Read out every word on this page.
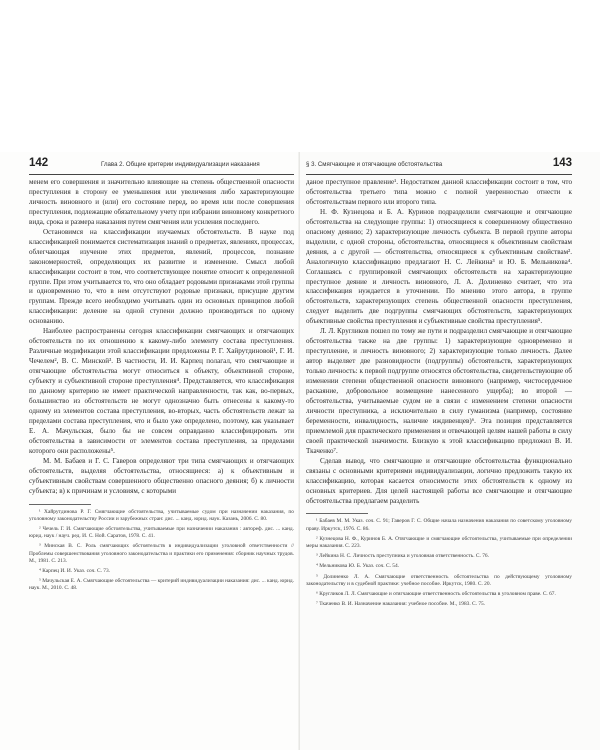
142	Глава 2. Общие критерии индивидуализации наказания

менем его совершения и значительно влияющие на степень общественной опасности преступления в сторону ее уменьшения или увеличения либо характеризующие личность виновного и (или) его состояние перед, во время или после совершения преступления, подлежащие обязательному учету при избрании виновному конкретного вида, срока и размера наказания путем смягчения или усиления последнего.

Остановимся на классификации изучаемых обстоятельств. В науке под классификацией понимается систематизация знаний о предметах, явлениях, процессах, облегчающая изучение этих предметов, явлений, процессов, познание закономерностей, определяющих их развитие и изменение. Смысл любой классификации состоит в том, что соответствующее понятие относит к определенной группе. При этом учитывается то, что оно обладает родовыми признаками этой группы и одновременно то, что в нем отсутствуют родовые признаки, присущие другим группам. Прежде всего необходимо учитывать один из основных принципов любой классификации: деление на одной ступени должно производиться по одному основанию.

Наиболее распространены сегодня классификации смягчающих и отягчающих обстоятельств по их отношению к какому-либо элементу состава преступления. Различные модификации этой классификации предложены Р. Г. Хайрутдиновой¹, Г. И. Чечелем², В. С. Минской³. В частности, И. И. Карпец полагал, что смягчающие и отягчающие обстоятельства могут относиться к объекту, объективной стороне, субъекту и субъективной стороне преступления⁴. Представляется, что классификация по данному критерию не имеет практической направленности, так как, во-первых, большинство из обстоятельств не могут однозначно быть отнесены к какому-то одному из элементов состава преступления, во-вторых, часть обстоятельств лежат за пределами состава преступления, что и было уже определено, поэтому, как указывает Е. А. Мачульская, было бы не совсем оправданно классифицировать эти обстоятельства в зависимости от элементов состава преступления, за пределами которого они расположены⁵.

М. М. Бабаев и Г. С. Гаверов определяют три типа смягчающих и отягчающих обстоятельств, выделяя обстоятельства, относящиеся: а) к объективным и субъективным свойствам совершенного общественно опасного деяния; б) к личности субъекта; в) к причинам и условиям, с которыми

¹ Хайрутдинова Р. Г. Смягчающие обстоятельства, учитываемые судом при назначении наказания, по уголовному законодательству России и зарубежных стран: дис. ... канд. юрид. наук. Казань, 2006. С. 80.

² Чечель Г. И. Смягчающие обстоятельства, учитываемые при назначении наказания : автореф. дис. ... канд. юрид. наук / науч. ред. И. С. Ной. Саратов, 1978. С. 41.

³ Минская В. С. Роль смягчающих обстоятельств в индивидуализации уголовной ответственности // Проблемы совершенствования уголовного законодательства и практики его применения: сборник научных трудов. М., 1981. С. 213.

⁴ Карпец И. И. Указ. соч. С. 73.

⁵ Мачульская Е. А. Смягчающие обстоятельства — критерий индивидуализации наказания: дис. ... канд. юрид. наук. М., 2010. С. 48.

§ 3. Смягчающие и отягчающие обстоятельства	143

даное преступное правление¹. Недостатком данной классификации состоит в том, что обстоятельства третьего типа можно с полной уверенностью отнести к обстоятельствам первого или второго типа.

Н. Ф. Кузнецова и Б. А. Куринов подразделили смягчающие и отягчающие обстоятельства на следующие группы: 1) относящиеся к совершенному общественно опасному деянию; 2) характеризующие личность субъекта. В первой группе авторы выделили, с одной стороны, обстоятельства, относящиеся к объективным свойствам деяния, а с другой — обстоятельства, относящиеся к субъективным свойствам². Аналогичную классификацию предлагают Н. С. Лейкина³ и Ю. Б. Мельникова⁴. Соглашаясь с группировкой смягчающих обстоятельств на характеризующие преступное деяние и личность виновного, Л. А. Долиненко считает, что эта классификация нуждается в уточнении. По мнению этого автора, в группе обстоятельств, характеризующих степень общественной опасности преступления, следует выделить две подгруппы смягчающих обстоятельств, характеризующих объективные свойства преступления и субъективные свойства преступления⁵.

Л. Л. Кругликов пошел по тому же пути и подразделил смягчающие и отягчающие обстоятельства также на две группы: 1) характеризующие одновременно и преступление, и личность виновного; 2) характеризующие только личность. Далее автор выделяет две разновидности (подгруппы) обстоятельств, характеризующих только личность: к первой подгруппе относятся обстоятельства, свидетельствующие об изменении степени общественной опасности виновного (например, чистосердечное раскаяние, добровольное возмещение нанесенного ущерба); во второй — обстоятельства, учитываемые судом не в связи с изменением степени опасности личности преступника, а исключительно в силу гуманизма (например, состояние беременности, инвалидность, наличие иждивенцев)⁶. Эта позиция представляется приемлемой для практического применения и отвечающей целям нашей работы в силу своей практической значимости. Близкую к этой классификацию предложил В. И. Ткаченко⁷.

Сделав вывод, что смягчающие и отягчающие обстоятельства функционально связаны с основными критериями индивидуализации, логично предложить такую их классификацию, которая касается относимости этих обстоятельств к одному из основных критериев. Для целей настоящей работы все смягчающие и отягчающие обстоятельства предлагаем разделить

¹ Бабаев М. М. Указ. соч. С. 91; Гаверов Г. С. Общие начала назначения наказания по советскому уголовному праву. Иркутск, 1976. С. 86.

² Кузнецова Н. Ф., Куринов Б. А. Отягчающие и смягчающие обстоятельства, учитываемые при определении меры наказания. С. 223.

³ Лейкина Н. С. Личность преступника и уголовная ответственность. С. 76.

⁴ Мельникова Ю. Б. Указ. соч. С. 54.

⁵ Долиненко Л. А. Смягчающие ответственность обстоятельства по действующему уголовному законодательству и в судебной практике: учебное пособие. Иркутск, 1980. С. 20.

⁶ Кругликов Л. Л. Смягчающие и отягчающие ответственность обстоятельства в уголовном праве. С. 67.

⁷ Ткаченко В. И. Назначение наказания: учебное пособие. М., 1983. С. 75.
